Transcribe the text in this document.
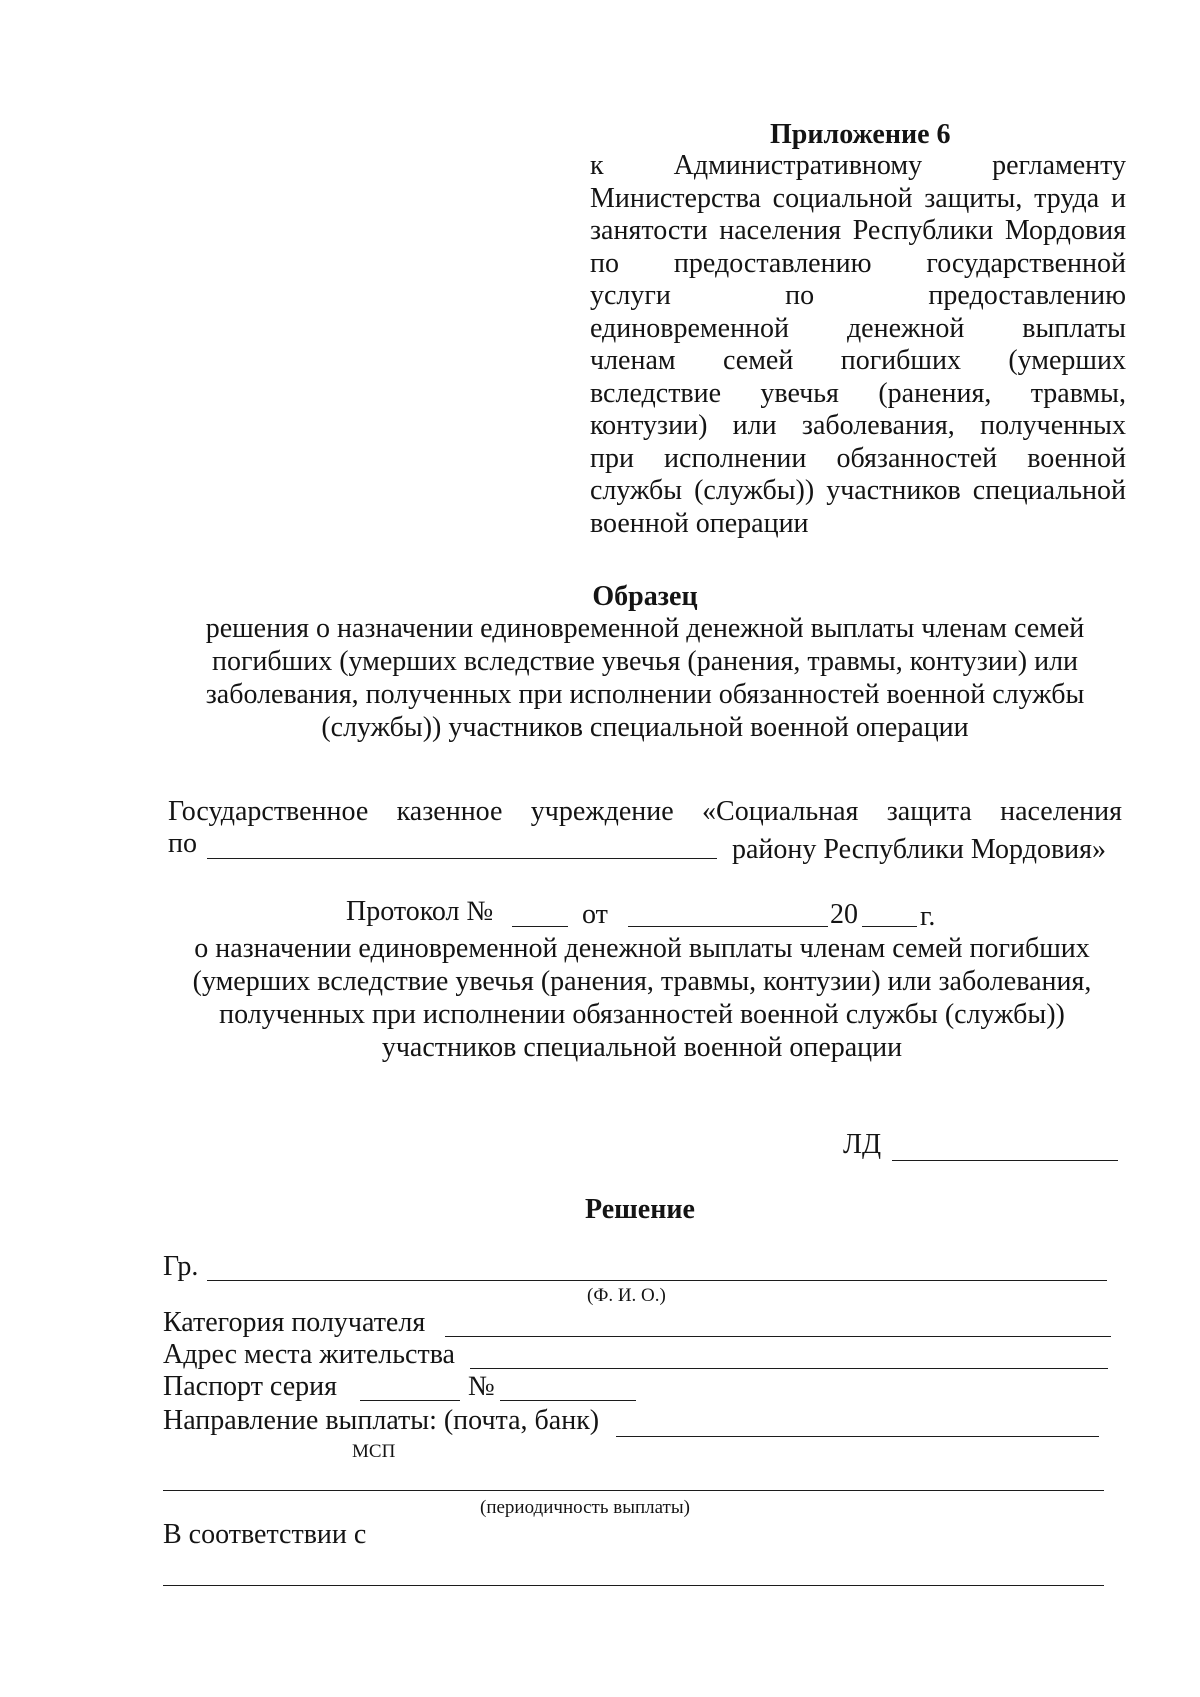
Приложение 6
к	Административному	регламенту
Министерства социальной защиты, труда и
занятости населения Республики Мордовия
по предоставлению государственной
услуги	по	предоставлению
единовременной денежной выплаты
членам семей погибших (умерших
вследствие увечья (ранения, травмы,
контузии) или заболевания, полученных
при исполнении обязанностей военной
службы (службы)) участников специальной
военной операции
Образец
решения о назначении единовременной денежной выплаты членам семей
погибших (умерших вследствие увечья (ранения, травмы, контузии) или
заболевания, полученных при исполнении обязанностей военной службы
(службы)) участников специальной военной операции
Государственное казенное учреждение «Социальная защита населения
по	району Республики Мордовия»
Протокол №	от	20 г.
о назначении единовременной денежной выплаты членам семей погибших
(умерших вследствие увечья (ранения, травмы, контузии) или заболевания,
полученных при исполнении обязанностей военной службы (службы))
участников специальной военной операции
ЛД
Решение
Гр.
(Ф. И. О.)
Категория получателя
Адрес места жительства
Паспорт серия	№
Направление выплаты: (почта, банк)
МСП
(периодичность выплаты)
В соответствии с
